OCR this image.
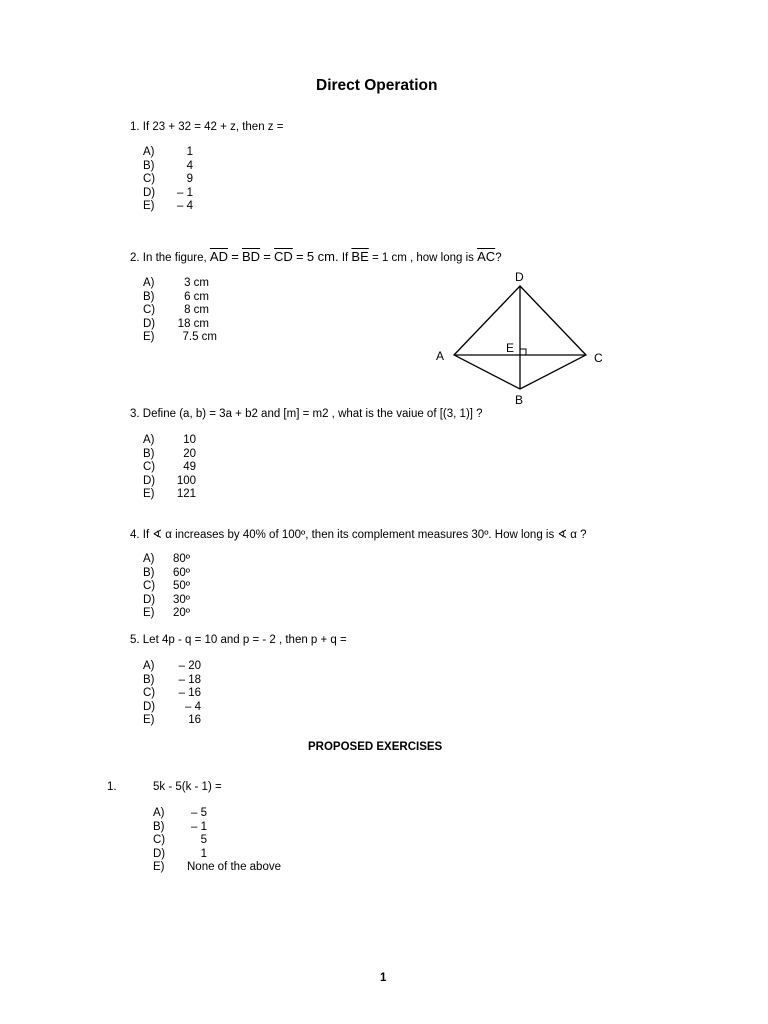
Direct Operation
1. If 23 + 32 = 42 + z, then z =
A)	1
B)	4
C)	9
D)	– 1
E)	– 4
2. In the figure, $\overline{AD} = \overline{BD} = \overline{CD} = 5$ cm. If $\overline{BE} = 1$ cm , how long is $\overline{AC}$?
A)	3 cm
B)	6 cm
C)	8 cm
D)	18 cm
E)	7.5 cm
D
A	C
E
B
3. Define (a, b) = 3a + b2 and [m] = m2 , what is the vaiue of [(3, 1)] ?
A)	10
B)	20
C)	49
D)	100
E)	121
4. If ∢ α increases by 40% of 100º, then its complement measures 30º. How long is ∢ α ?
A)	80º
B)	60º
C)	50º
D)	30º
E)	20º
5. Let 4p - q = 10 and p = - 2 , then p + q =
A)	– 20
B)	– 18
C)	– 16
D)	– 4
E)	16
PROPOSED EXERCISES
1.	5k - 5(k - 1) =
A)	– 5
B)	– 1
C)	5
D)	1
E)	None of the above
1
